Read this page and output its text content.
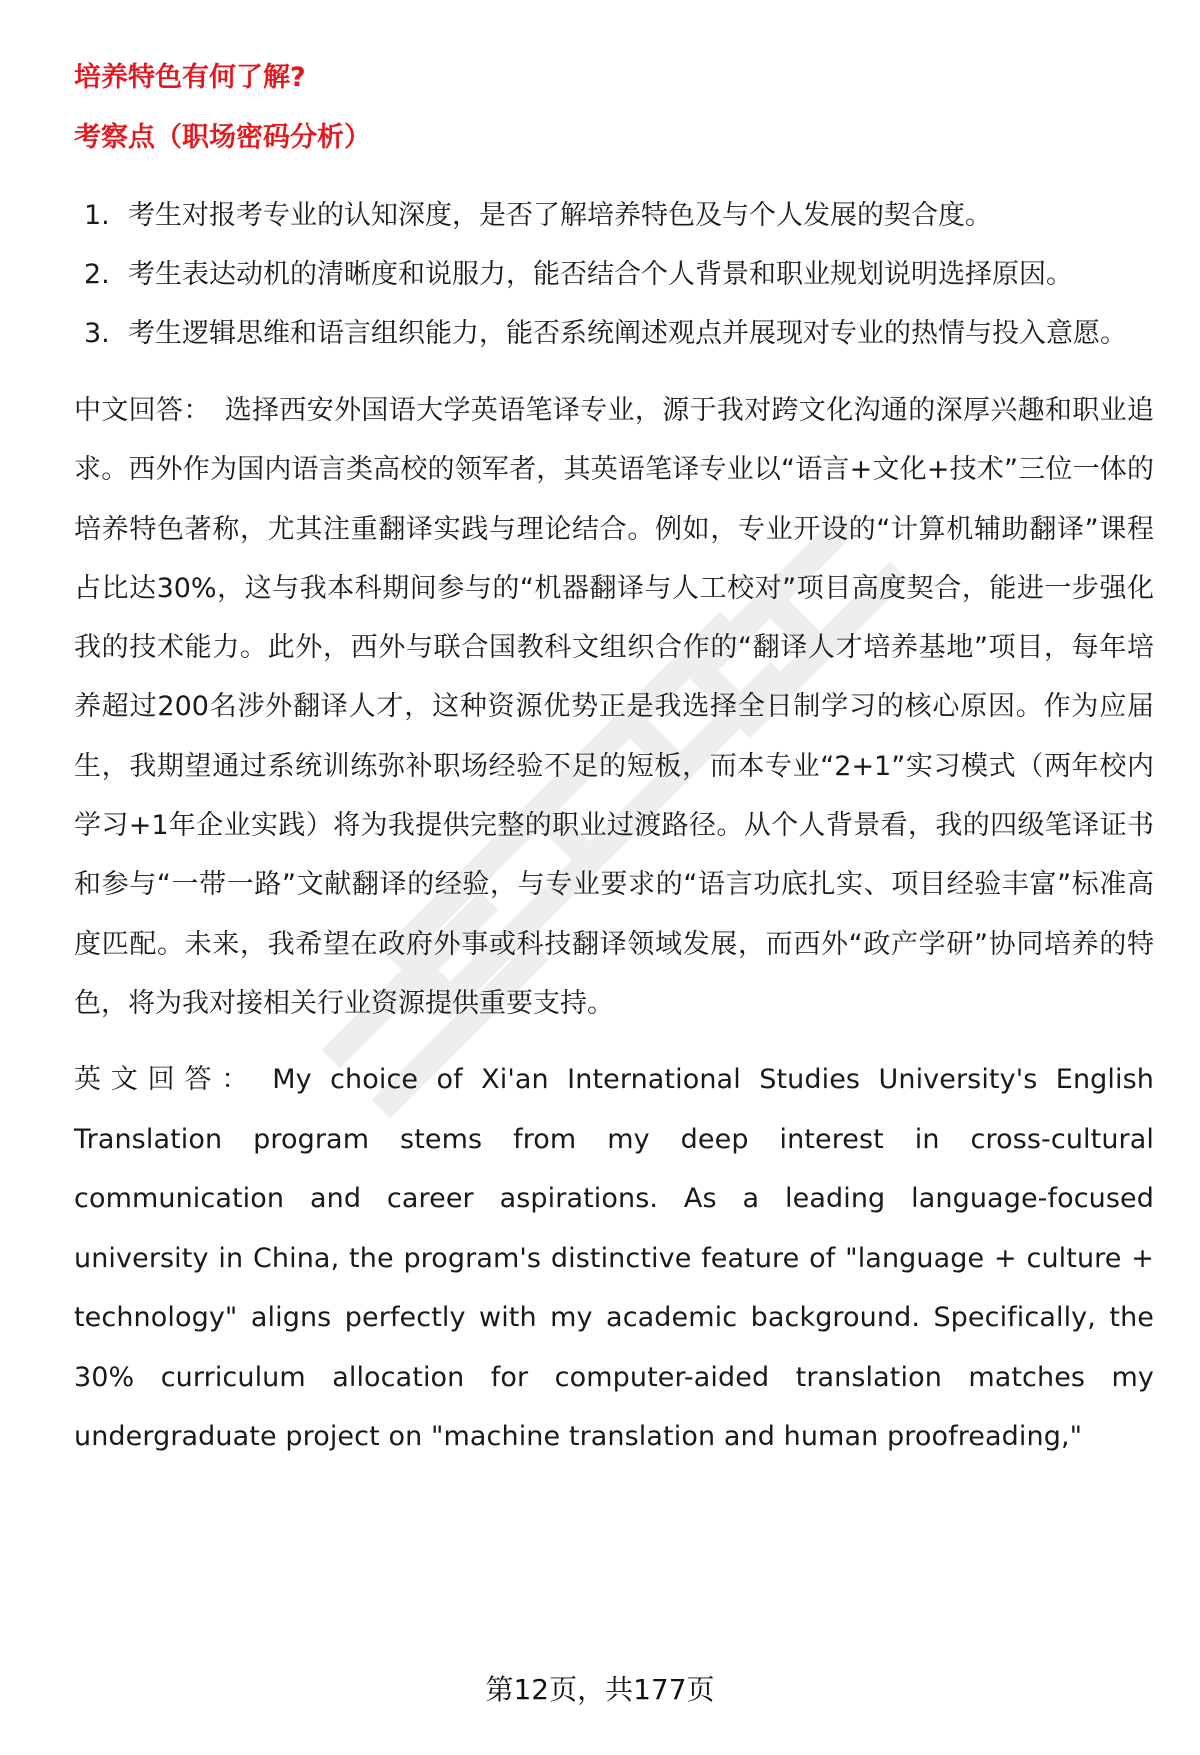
培养特色有何了解?
考察点（职场密码分析）
1. 考生对报考专业的认知深度，是否了解培养特色及与个人发展的契合度。
2. 考生表达动机的清晰度和说服力，能否结合个人背景和职业规划说明选择原因。
3. 考生逻辑思维和语言组织能力，能否系统阐述观点并展现对专业的热情与投入意愿。

中文回答： 选择西安外国语大学英语笔译专业，源于我对跨文化沟通的深厚兴趣和职业追求。西外作为国内语言类高校的领军者，其英语笔译专业以“语言+文化+技术”三位一体的培养特色著称，尤其注重翻译实践与理论结合。例如，专业开设的“计算机辅助翻译”课程占比达30%，这与我本科期间参与的“机器翻译与人工校对”项目高度契合，能进一步强化我的技术能力。此外，西外与联合国教科文组织合作的“翻译人才培养基地”项目，每年培养超过200名涉外翻译人才，这种资源优势正是我选择全日制学习的核心原因。作为应届生，我期望通过系统训练弥补职场经验不足的短板，而本专业“2+1”实习模式（两年校内学习+1年企业实践）将为我提供完整的职业过渡路径。从个人背景看，我的四级笔译证书和参与“一带一路”文献翻译的经验，与专业要求的“语言功底扎实、项目经验丰富”标准高度匹配。未来，我希望在政府外事或科技翻译领域发展，而西外“政产学研”协同培养的特色，将为我对接相关行业资源提供重要支持。

英文回答： My choice of Xi'an International Studies University's English Translation program stems from my deep interest in cross-cultural communication and career aspirations. As a leading language-focused university in China, the program's distinctive feature of "language + culture + technology" aligns perfectly with my academic background. Specifically, the 30% curriculum allocation for computer-aided translation matches my undergraduate project on "machine translation and human proofreading,"

第12页，共177页
